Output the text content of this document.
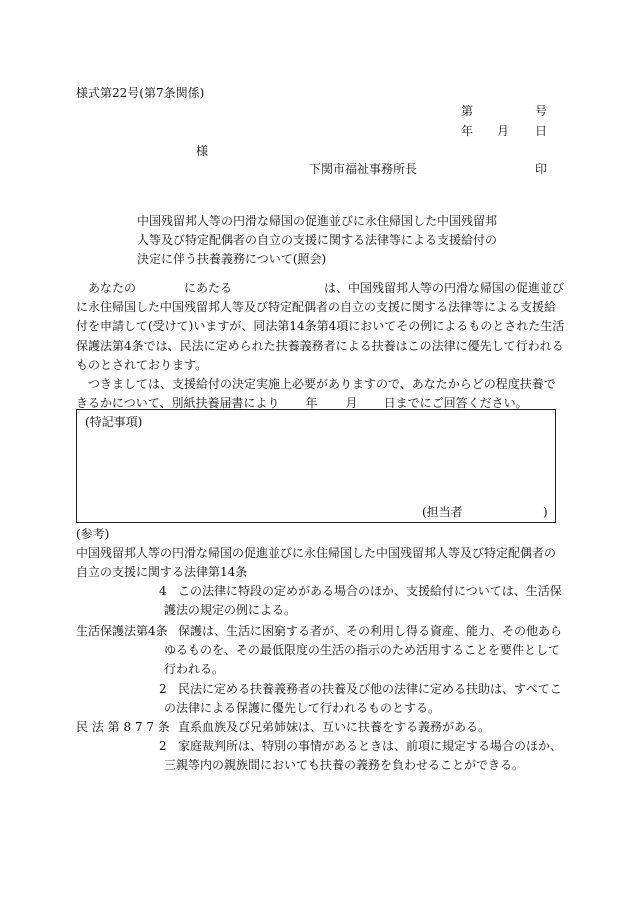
様式第22号(第7条関係)
第	号
年 月 日
様
下関市福祉事務所長	印
中国残留邦人等の円滑な帰国の促進並びに永住帰国した中国残留邦
人等及び特定配偶者の自立の支援に関する法律等による支援給付の
決定に伴う扶養義務について(照会)
あなたの	にあたる	は、中国残留邦人等の円滑な帰国の促進並び
に永住帰国した中国残留邦人等及び特定配偶者の自立の支援に関する法律等による支援給
付を申請して(受けて)いますが、同法第14条第4項においてその例によるものとされた生活
保護法第4条では、民法に定められた扶養義務者による扶養はこの法律に優先して行われる
ものとされております。
つきましては、支援給付の決定実施上必要がありますので、あなたからどの程度扶養で
きるかについて、別紙扶養届書により 年 月 日までにご回答ください。
(特記事項)
(担当者	)
(参考)
中国残留邦人等の円滑な帰国の促進並びに永住帰国した中国残留邦人等及び特定配偶者の
自立の支援に関する法律第14条
4 この法律に特段の定めがある場合のほか、支援給付については、生活保
護法の規定の例による。
生活保護法第4条 保護は、生活に困窮する者が、その利用し得る資産、能力、その他あら
ゆるものを、その最低限度の生活の指示のため活用することを要件として
行われる。
2 民法に定める扶養義務者の扶養及び他の法律に定める扶助は、すべてこ
の法律による保護に優先して行われるものとする。
民 法 第 8 7 7 条 直系血族及び兄弟姉妹は、互いに扶養をする義務がある。
2 家庭裁判所は、特別の事情があるときは、前項に規定する場合のほか、
三親等内の親族間においても扶養の義務を負わせることができる。
